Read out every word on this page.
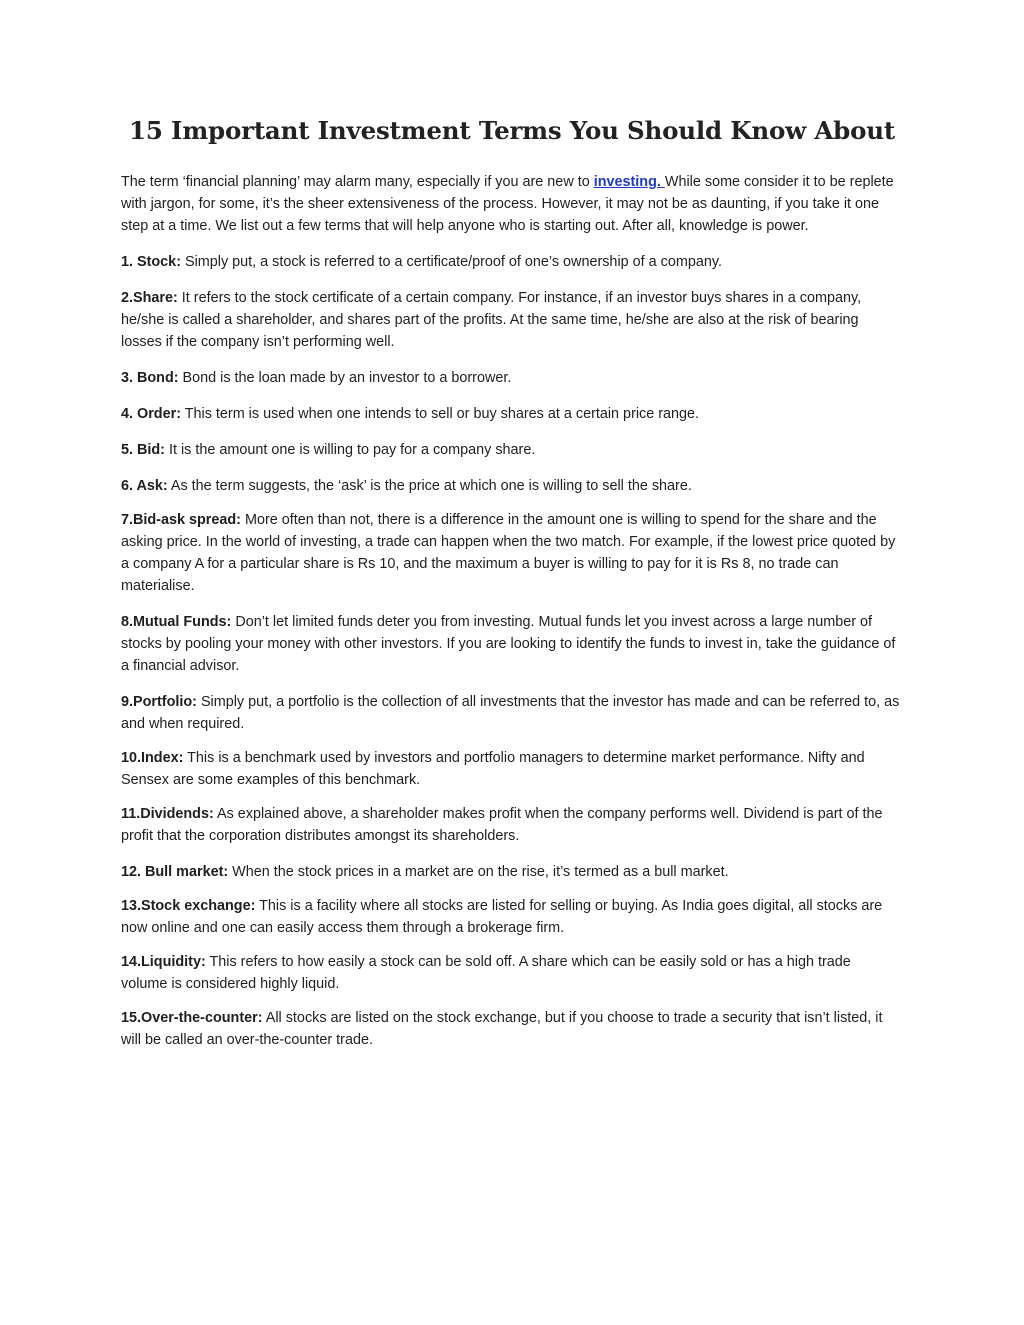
15 Important Investment Terms You Should Know About

The term ‘financial planning’ may alarm many, especially if you are new to investing. While some consider it to be replete with jargon, for some, it’s the sheer extensiveness of the process. However, it may not be as daunting, if you take it one step at a time. We list out a few terms that will help anyone who is starting out. After all, knowledge is power.

1. Stock: Simply put, a stock is referred to a certificate/proof of one’s ownership of a company.

2.Share: It refers to the stock certificate of a certain company. For instance, if an investor buys shares in a company, he/she is called a shareholder, and shares part of the profits. At the same time, he/she are also at the risk of bearing losses if the company isn’t performing well.

3. Bond: Bond is the loan made by an investor to a borrower.

4. Order: This term is used when one intends to sell or buy shares at a certain price range.

5. Bid: It is the amount one is willing to pay for a company share.

6. Ask: As the term suggests, the ‘ask’ is the price at which one is willing to sell the share.

7.Bid-ask spread: More often than not, there is a difference in the amount one is willing to spend for the share and the asking price. In the world of investing, a trade can happen when the two match. For example, if the lowest price quoted by a company A for a particular share is Rs 10, and the maximum a buyer is willing to pay for it is Rs 8, no trade can materialise.

8.Mutual Funds: Don’t let limited funds deter you from investing. Mutual funds let you invest across a large number of stocks by pooling your money with other investors. If you are looking to identify the funds to invest in, take the guidance of a financial advisor.

9.Portfolio: Simply put, a portfolio is the collection of all investments that the investor has made and can be referred to, as and when required.

10.Index: This is a benchmark used by investors and portfolio managers to determine market performance. Nifty and Sensex are some examples of this benchmark.

11.Dividends: As explained above, a shareholder makes profit when the company performs well. Dividend is part of the profit that the corporation distributes amongst its shareholders.

12. Bull market: When the stock prices in a market are on the rise, it’s termed as a bull market.

13.Stock exchange: This is a facility where all stocks are listed for selling or buying. As India goes digital, all stocks are now online and one can easily access them through a brokerage firm.

14.Liquidity: This refers to how easily a stock can be sold off. A share which can be easily sold or has a high trade volume is considered highly liquid.

15.Over-the-counter: All stocks are listed on the stock exchange, but if you choose to trade a security that isn’t listed, it will be called an over-the-counter trade.
